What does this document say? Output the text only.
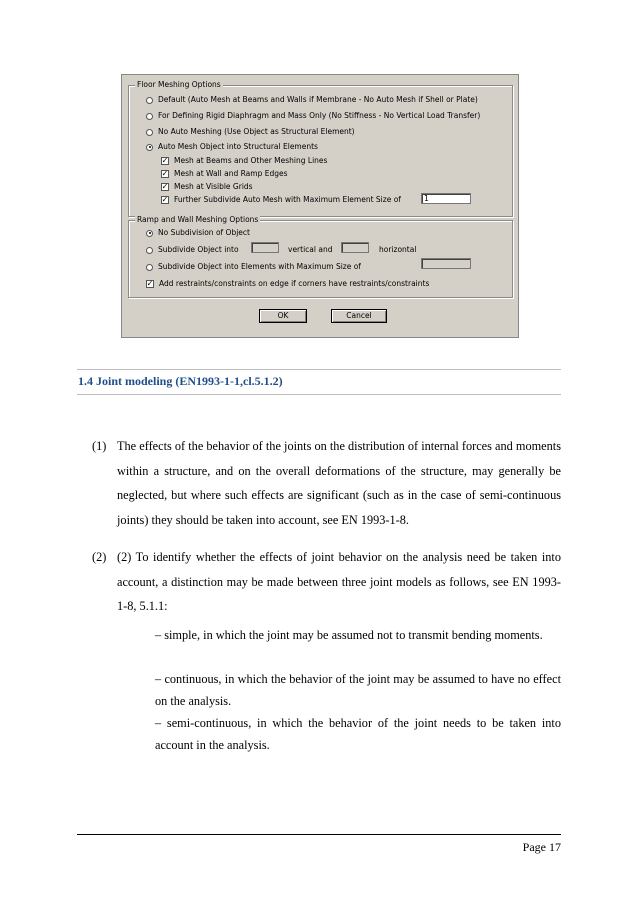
Floor Meshing Options
Default (Auto Mesh at Beams and Walls if Membrane - No Auto Mesh if Shell or Plate)
For Defining Rigid Diaphragm and Mass Only (No Stiffness - No Vertical Load Transfer)
No Auto Meshing (Use Object as Structural Element)
Auto Mesh Object into Structural Elements
✓ Mesh at Beams and Other Meshing Lines
✓ Mesh at Wall and Ramp Edges
✓ Mesh at Visible Grids
✓ Further Subdivide Auto Mesh with Maximum Element Size of	1
Ramp and Wall Meshing Options
No Subdivision of Object
Subdivide Object into	vertical and	horizontal
Subdivide Object into Elements with Maximum Size of
✓ Add restraints/constraints on edge if corners have restraints/constraints
OK	Cancel
1.4 Joint modeling (EN1993-1-1,cl.5.1.2)
(1) The effects of the behavior of the joints on the distribution of internal forces and moments within a structure, and on the overall deformations of the structure, may generally be neglected, but where such effects are significant (such as in the case of semi-continuous joints) they should be taken into account, see EN 1993-1-8.
(2) (2) To identify whether the effects of joint behavior on the analysis need be taken into account, a distinction may be made between three joint models as follows, see EN 1993-1-8, 5.1.1:
– simple, in which the joint may be assumed not to transmit bending moments.
– continuous, in which the behavior of the joint may be assumed to have no effect on the analysis.
– semi-continuous, in which the behavior of the joint needs to be taken into account in the analysis.
Page 17
